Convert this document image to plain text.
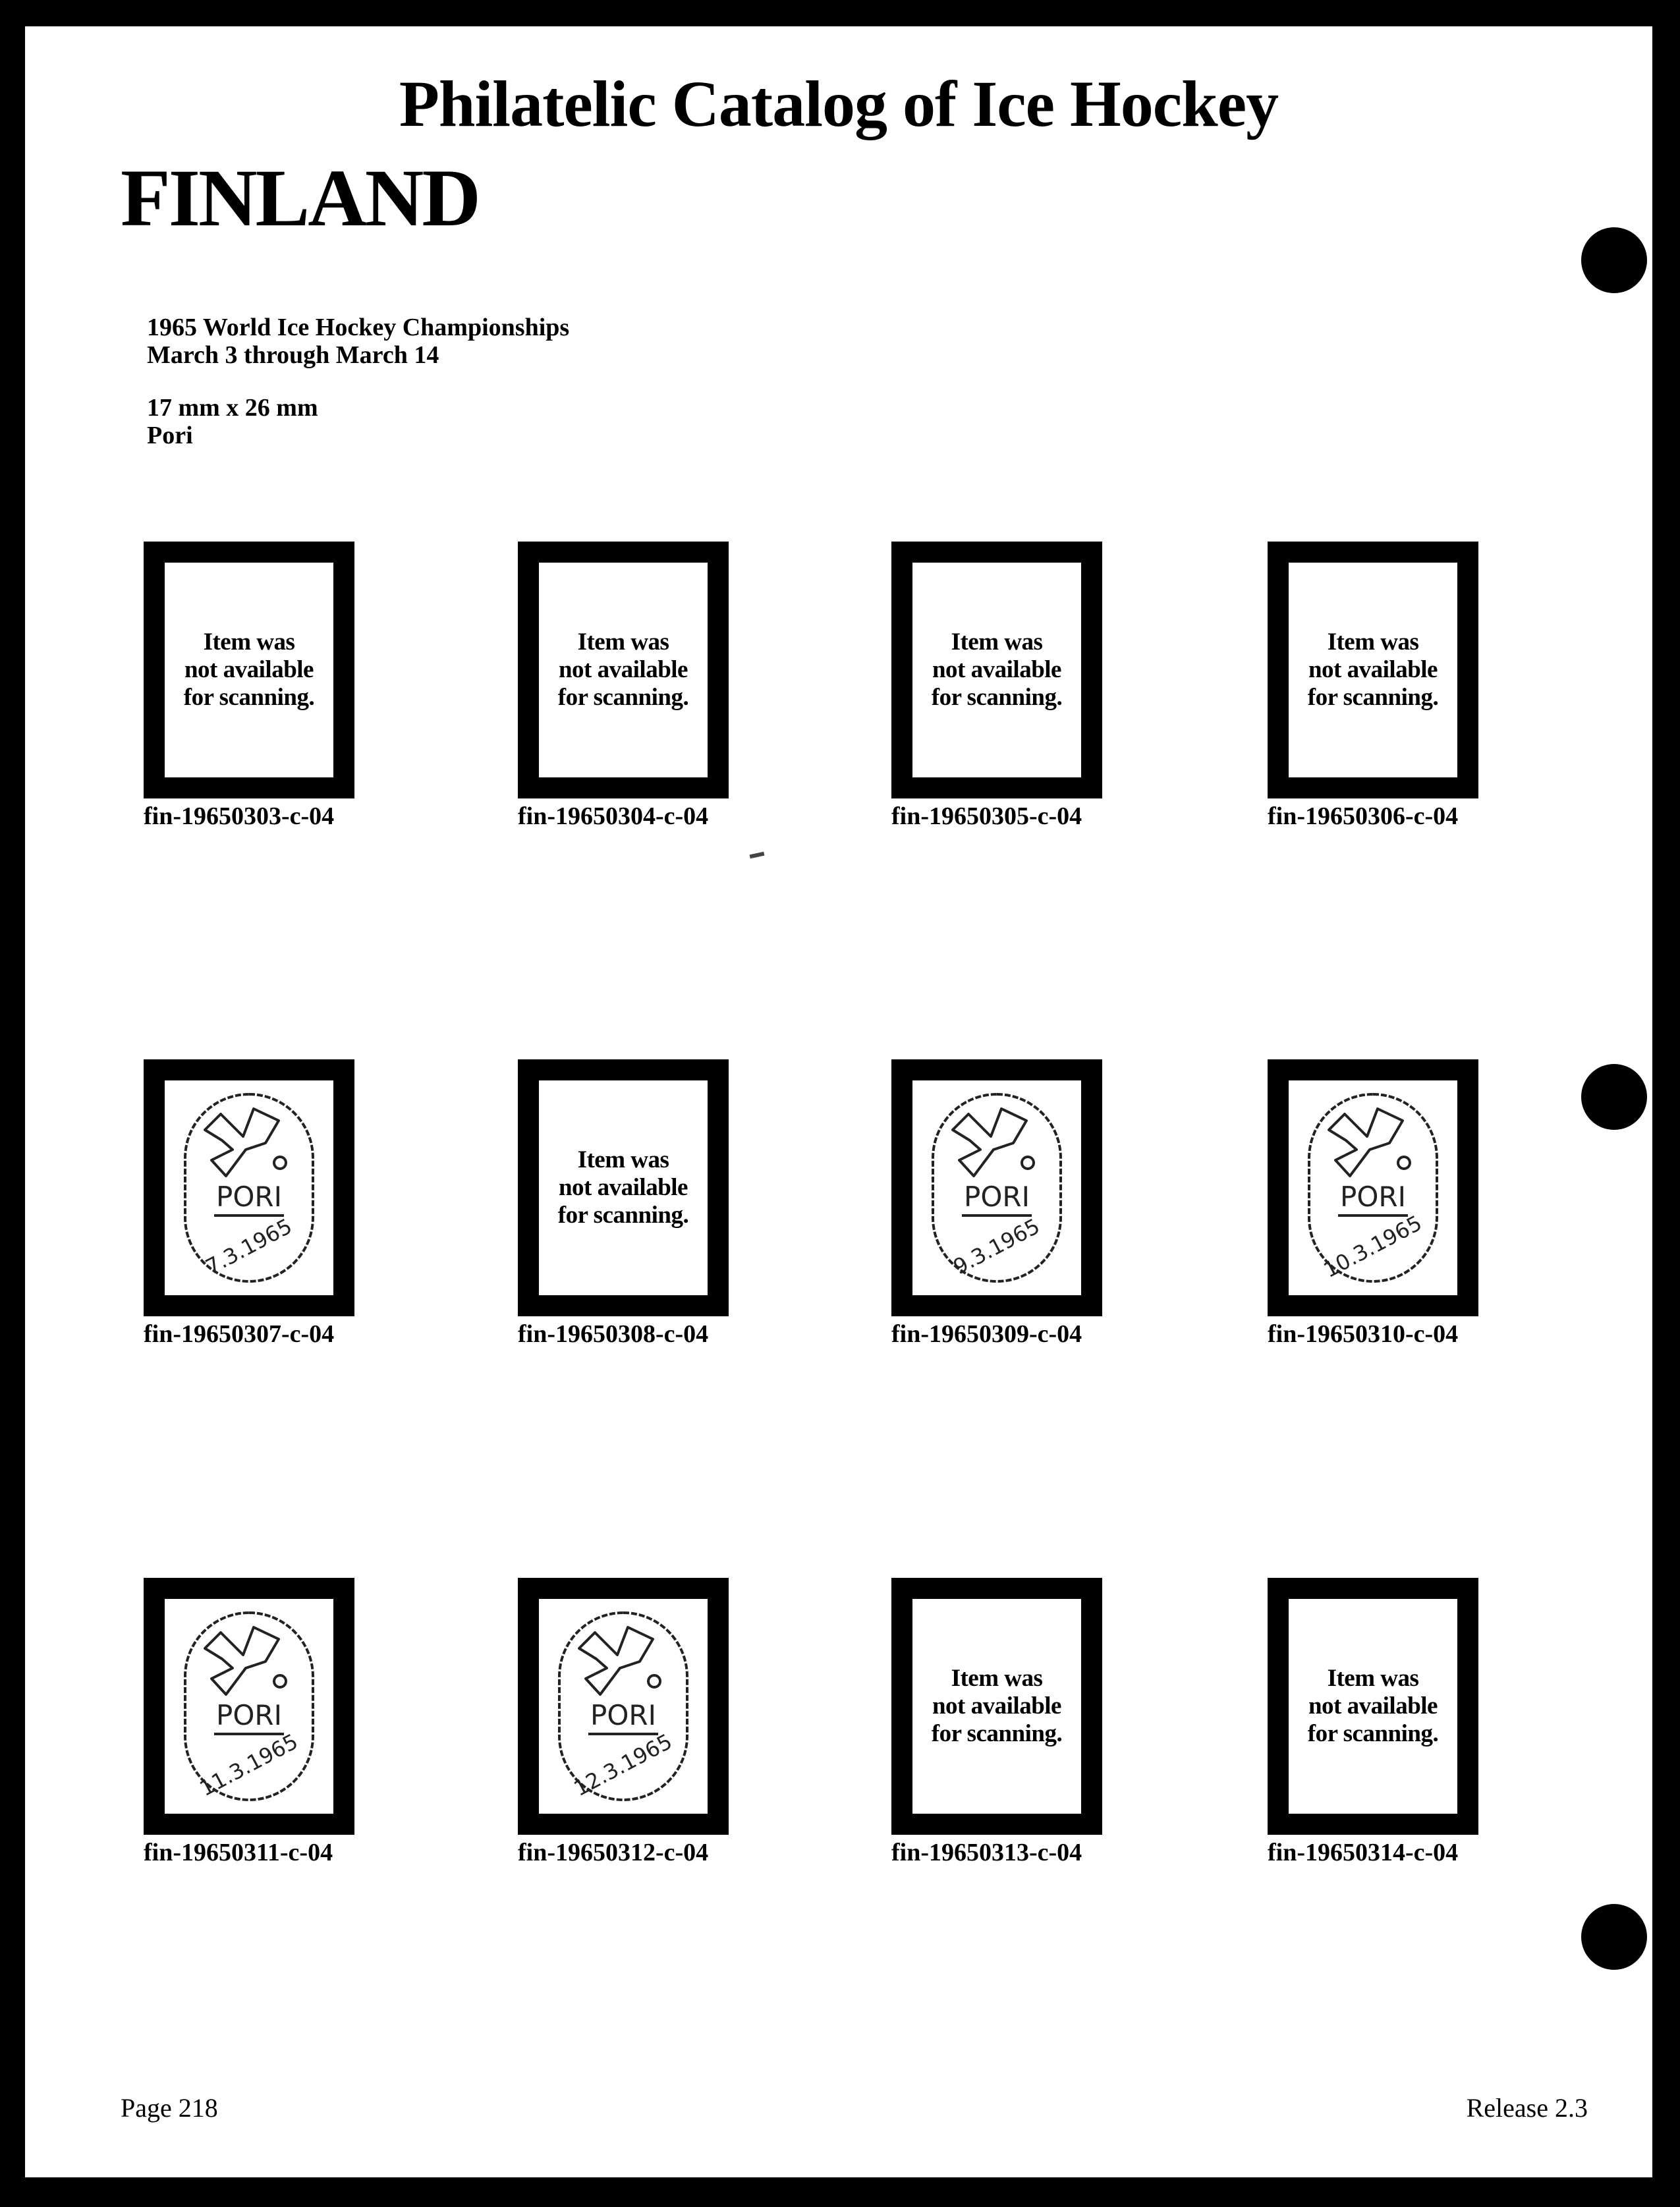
Philatelic Catalog of Ice Hockey
FINLAND
1965 World Ice Hockey Championships
March 3 through March 14
17 mm x 26 mm
Pori
Item was
not available
for scanning.
fin-19650303-c-04
Item was
not available
for scanning.
fin-19650304-c-04
Item was
not available
for scanning.
fin-19650305-c-04
Item was
not available
for scanning.
fin-19650306-c-04
PORI
7.3.1965
fin-19650307-c-04
Item was
not available
for scanning.
fin-19650308-c-04
PORI
9.3.1965
fin-19650309-c-04
PORI
10.3.1965
fin-19650310-c-04
PORI
11.3.1965
fin-19650311-c-04
PORI
12.3.1965
fin-19650312-c-04
Item was
not available
for scanning.
fin-19650313-c-04
Item was
not available
for scanning.
fin-19650314-c-04
Page 218	Release 2.3
